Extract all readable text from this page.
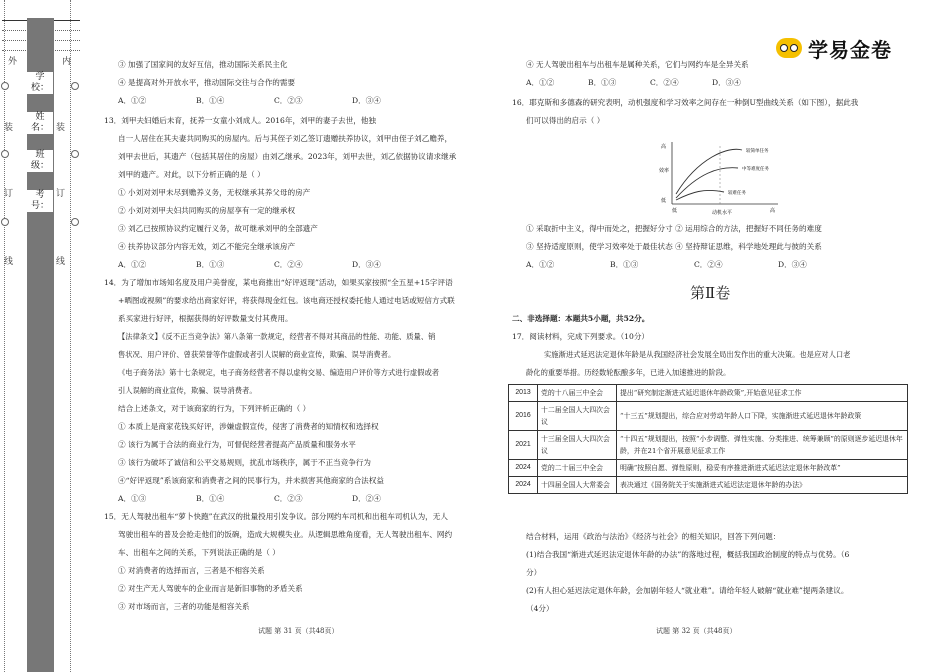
外
装
订
线
内
装
订
线
学校：
姓名：
班级：
考号：
学易金卷
③ 加强了国家间的友好互信，推动国际关系民主化
④ 是提高对外开放水平，推动国际交往与合作的需要
A．①②	B．①④	C．②③	D．③④
13．刘甲夫妇婚后未育，抚养一女童小刘成人。2016年，刘甲的妻子去世，他独
自一人居住在其夫妻共同购买的房屋内。后与其侄子刘乙签订遗赠扶养协议，刘甲由侄子刘乙赡养，
刘甲去世后，其遗产（包括其居住的房屋）由刘乙继承。2023年，刘甲去世，刘乙依据协议请求继承
刘甲的遗产。对此，以下分析正确的是（ ）
① 小刘对刘甲未尽到赡养义务，无权继承其养父母的房产
② 小刘对刘甲夫妇共同购买的房屋享有一定的继承权
③ 刘乙已按照协议约定履行义务，故可继承刘甲的全部遗产
④ 扶养协议部分内容无效，刘乙不能完全继承该房产
A．①②	B．①③	C．②④	D．③④
14．为了增加市场知名度及用户美誉度，某电商推出“好评返现”活动，如果买家按照“全五星+15字评语
+晒图或视频”的要求给出商家好评，将获得现金红包。该电商还授权委托他人通过电话或短信方式联
系买家进行好评，根据获得的好评数量支付其费用。
【法律条文】《反不正当竞争法》第八条第一款规定，经营者不得对其商品的性能、功能、质量、销
售状况、用户评价、曾获荣誉等作虚假或者引人误解的商业宣传，欺骗、误导消费者。
《电子商务法》第十七条规定，电子商务经营者不得以虚构交易、编造用户评价等方式进行虚假或者
引人误解的商业宣传，欺骗、误导消费者。
结合上述条文，对于该商家的行为，下列评析正确的（ ）
① 本质上是商家花钱买好评，涉嫌虚假宣传，侵害了消费者的知情权和选择权
② 该行为属于合法的商业行为，可督促经营者提高产品质量和服务水平
③ 该行为破坏了诚信和公平交易规则，扰乱市场秩序，属于不正当竞争行为
④“好评返现”系该商家和消费者之间的民事行为，并未损害其他商家的合法权益
A．①③	B．①④	C．②③	D．②④
15．无人驾驶出租车“萝卜快跑”在武汉的批量投用引发争议。部分网约车司机和出租车司机认为，无人
驾驶出租车的普及会抢走他们的饭碗，造成大规模失业。从逻辑思维角度看，无人驾驶出租车、网约
车、出租车之间的关系，下列说法正确的是（ ）
① 对消费者的选择而言，三者是不相容关系
② 对生产无人驾驶车的企业而言是新旧事物的矛盾关系
③ 对市场而言，三者的功能是相容关系
试题 第 31 页（共48页）
④ 无人驾驶出租车与出租车是属种关系，它们与网约车是全异关系
A．①②	B．①③	C．②④	D．③④
16．耶克斯和多德森的研究表明，动机强度和学习效率之间存在一种倒U型曲线关系（如下图），据此我
们可以得出的启示（ ）
① 采取折中主义，得中而处之，把握好分寸 ② 运用综合的方法，把握好不同任务的难度
③ 坚持适度原则，使学习效率处于最佳状态 ④ 坚持辩证思维，科学地处理此与彼的关系
A．①②	B．①③	C．②④	D．③④
二、非选择题：本题共5小题，共52分。
17．阅读材料，完成下列要求。（10分）
实施渐进式延迟法定退休年龄是从我国经济社会发展全局出发作出的重大决策。也是应对人口老
龄化的重要举措。历经数轮酝酿多年，已进入加速推进的阶段。
结合材料，运用《政治与法治》《经济与社会》的相关知识，回答下列问题：
(1)结合我国“渐进式延迟法定退休年龄的办法”的落地过程，概括我国政治制度的特点与优势。（6
分）
(2)有人担心延迟法定退休年龄，会加剧年轻人“就业难”。请给年轻人破解“就业难”提两条建议。
（4分）
试题 第 32 页（共48页）
第Ⅱ卷
高
低
效率
低	高
动机水平
较简单任务
中等难度任务
较难任务
2013	党的十八届三中全会	提出“研究制定渐进式延迟退休年龄政策”,开始意见征求工作
2016	十二届全国人大四次会议	“十三五”规划提出，综合应对劳动年龄人口下降，实施渐进式延迟退休年龄政策
2021	十三届全国人大四次会议	“十四五”规划提出，按照“小步调整、弹性实施、分类推进、统筹兼顾”的原则逐步延迟退休年龄，并在21个省开展意见征求工作
2024	党的二十届三中全会	明确“按照自愿、弹性原则，稳妥有序推进渐进式延迟法定退休年龄改革”
2024	十四届全国人大常委会	表决通过《国务院关于实施渐进式延迟法定退休年龄的办法》
